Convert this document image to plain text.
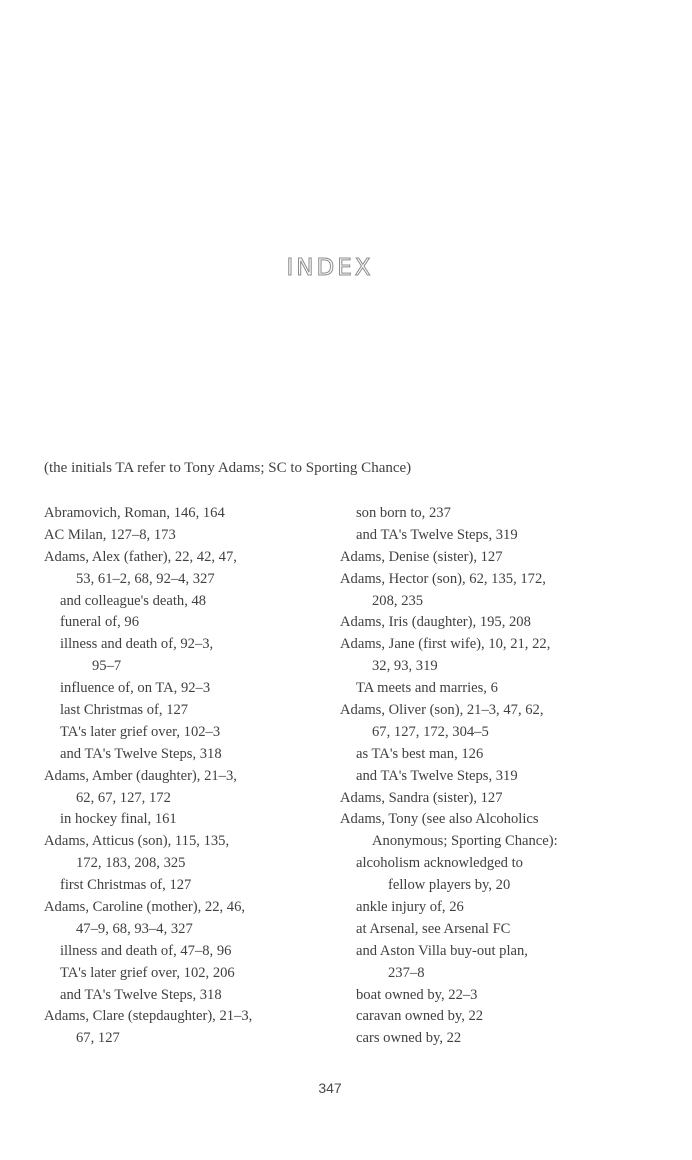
INDEX
(the initials TA refer to Tony Adams; SC to Sporting Chance)
Abramovich, Roman, 146, 164
AC Milan, 127–8, 173
Adams, Alex (father), 22, 42, 47,
53, 61–2, 68, 92–4, 327
and colleague's death, 48
funeral of, 96
illness and death of, 92–3,
95–7
influence of, on TA, 92–3
last Christmas of, 127
TA's later grief over, 102–3
and TA's Twelve Steps, 318
Adams, Amber (daughter), 21–3,
62, 67, 127, 172
in hockey final, 161
Adams, Atticus (son), 115, 135,
172, 183, 208, 325
first Christmas of, 127
Adams, Caroline (mother), 22, 46,
47–9, 68, 93–4, 327
illness and death of, 47–8, 96
TA's later grief over, 102, 206
and TA's Twelve Steps, 318
Adams, Clare (stepdaughter), 21–3,
67, 127
son born to, 237
and TA's Twelve Steps, 319
Adams, Denise (sister), 127
Adams, Hector (son), 62, 135, 172,
208, 235
Adams, Iris (daughter), 195, 208
Adams, Jane (first wife), 10, 21, 22,
32, 93, 319
TA meets and marries, 6
Adams, Oliver (son), 21–3, 47, 62,
67, 127, 172, 304–5
as TA's best man, 126
and TA's Twelve Steps, 319
Adams, Sandra (sister), 127
Adams, Tony (see also Alcoholics
Anonymous; Sporting Chance):
alcoholism acknowledged to
fellow players by, 20
ankle injury of, 26
at Arsenal, see Arsenal FC
and Aston Villa buy-out plan,
237–8
boat owned by, 22–3
caravan owned by, 22
cars owned by, 22
347
